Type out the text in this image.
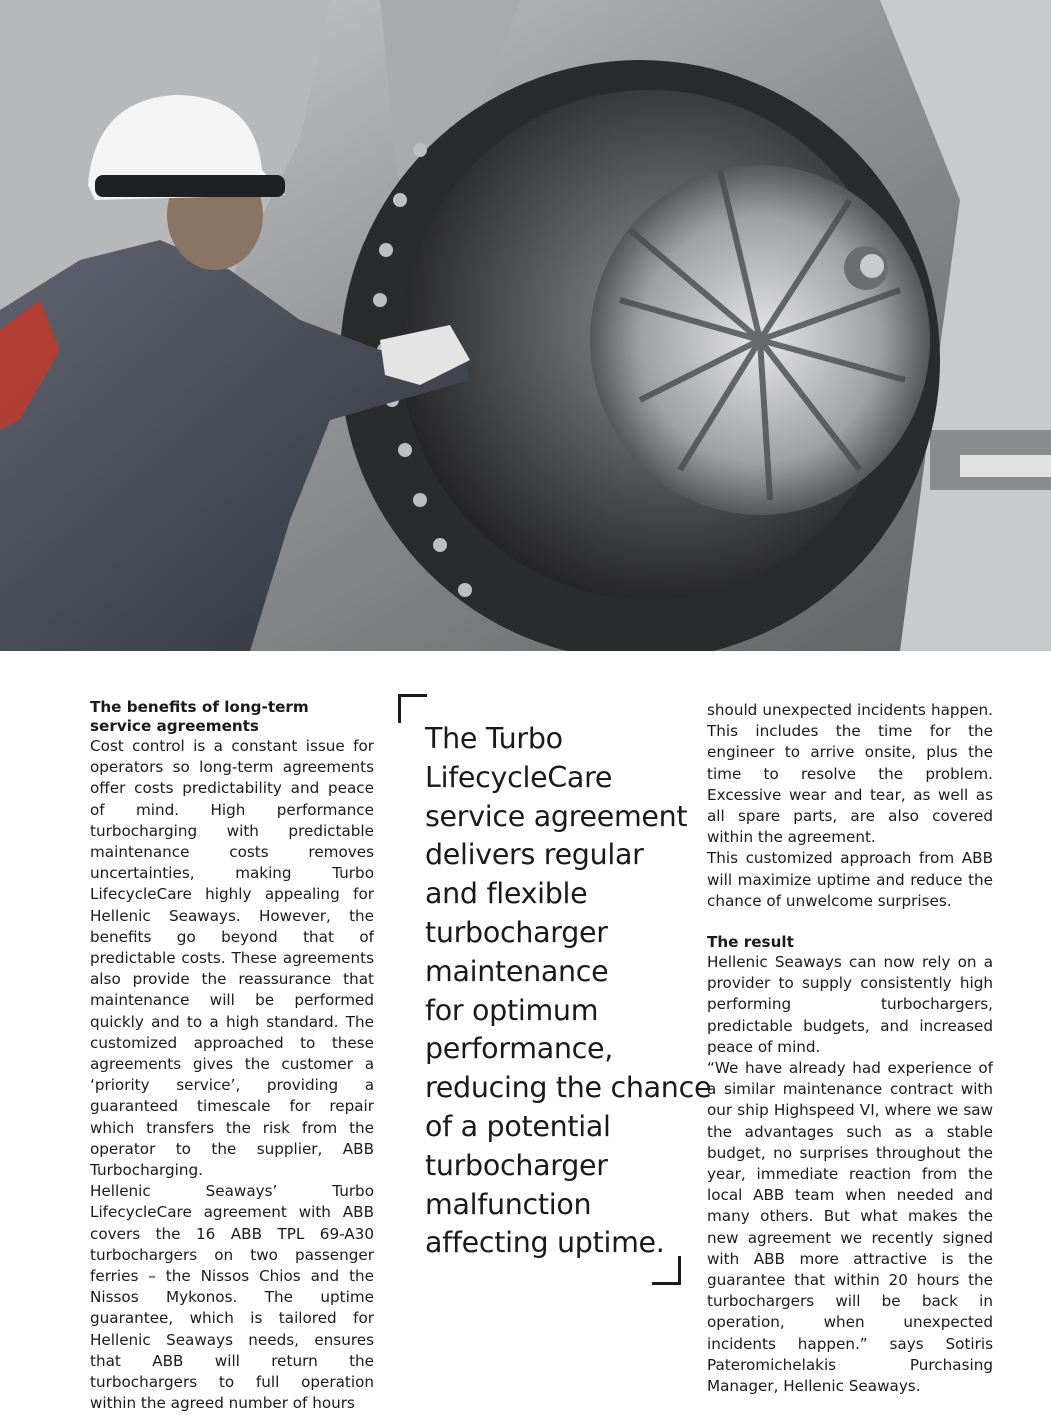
The benefits of long-term service agreements

Cost control is a constant issue for operators so long-term agreements offer costs predictability and peace of mind. High performance turbocharging with predictable maintenance costs removes uncertainties, making Turbo LifecycleCare highly appealing for Hellenic Seaways. However, the benefits go beyond that of predictable costs. These agreements also provide the reassurance that maintenance will be performed quickly and to a high standard. The customized approached to these agreements gives the customer a ‘priority service’, providing a guaranteed timescale for repair which transfers the risk from the operator to the supplier, ABB Turbocharging.

Hellenic Seaways’ Turbo LifecycleCare agreement with ABB covers the 16 ABB TPL 69-A30 turbochargers on two passenger ferries – the Nissos Chios and the Nissos Mykonos. The uptime guarantee, which is tailored for Hellenic Seaways needs, ensures that ABB will return the turbochargers to full operation within the agreed number of hours

The Turbo
LifecycleCare
service agreement
delivers regular
and flexible
turbocharger
maintenance
for optimum
performance,
reducing the chance
of a potential
turbocharger
malfunction
affecting uptime.

should unexpected incidents happen. This includes the time for the engineer to arrive onsite, plus the time to resolve the problem. Excessive wear and tear, as well as all spare parts, are also covered within the agreement.

This customized approach from ABB will maximize uptime and reduce the chance of unwelcome surprises.

The result

Hellenic Seaways can now rely on a provider to supply consistently high performing turbochargers, predictable budgets, and increased peace of mind.

“We have already had experience of a similar maintenance contract with our ship Highspeed VI, where we saw the advantages such as a stable budget, no surprises throughout the year, immediate reaction from the local ABB team when needed and many others. But what makes the new agreement we recently signed with ABB more attractive is the guarantee that within 20 hours the turbochargers will be back in operation, when unexpected incidents happen.” says Sotiris Pateromichelakis Purchasing Manager, Hellenic Seaways.
